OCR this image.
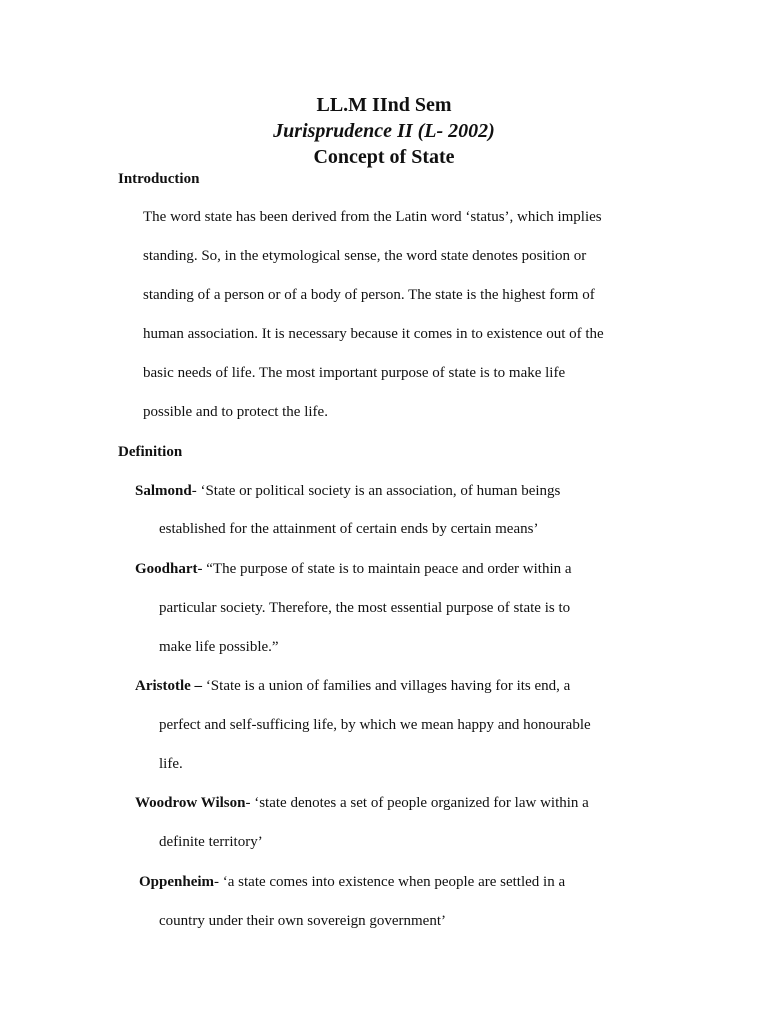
LL.M IInd Sem
Jurisprudence II (L- 2002)
Concept of State
Introduction
The word state has been derived from the Latin word ‘status’, which implies
standing. So, in the etymological sense, the word state denotes position or
standing of a person or of a body of person. The state is the highest form of
human association. It is necessary because it comes in to existence out of the
basic needs of life. The most important purpose of state is to make life
possible and to protect the life.
Definition
Salmond- ‘State or political society is an association, of human beings
established for the attainment of certain ends by certain means’
Goodhart- “The purpose of state is to maintain peace and order within a
particular society. Therefore, the most essential purpose of state is to
make life possible.”
Aristotle – ‘State is a union of families and villages having for its end, a
perfect and self-sufficing life, by which we mean happy and honourable
life.
Woodrow Wilson- ‘state denotes a set of people organized for law within a
definite territory’
Oppenheim- ‘a state comes into existence when people are settled in a
country under their own sovereign government’
